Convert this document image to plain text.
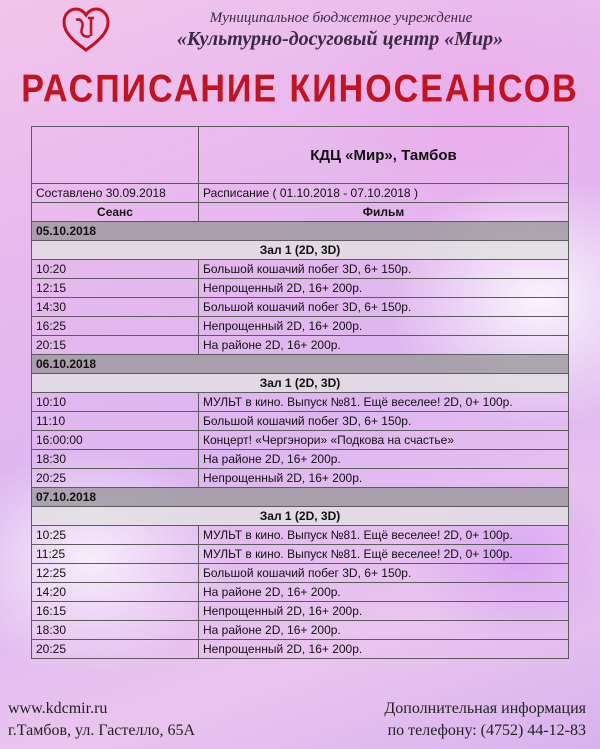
Муниципальное бюджетное учреждение
«Культурно-досуговый центр «Мир»
РАСПИСАНИЕ КИНОСЕАНСОВ
	КДЦ «Мир», Тамбов
Составлено 30.09.2018	Расписание ( 01.10.2018 - 07.10.2018 )
Сеанс	Фильм
05.10.2018	
Зал 1 (2D, 3D)	
10:20	Большой кошачий побег 3D, 6+ 150р.
12:15	Непрощенный 2D, 16+ 200р.
14:30	Большой кошачий побег 3D, 6+ 150р.
16:25	Непрощенный 2D, 16+ 200р.
20:15	На районе 2D, 16+ 200р.
06.10.2018	
Зал 1 (2D, 3D)	
10:10	МУЛЬТ в кино. Выпуск №81. Ещё веселее! 2D, 0+ 100р.
11:10	Большой кошачий побег 3D, 6+ 150р.
16:00:00	Концерт! «Чергэнори» «Подкова на счастье»
18:30	На районе 2D, 16+ 200р.
20:25	Непрощенный 2D, 16+ 200р.
07.10.2018	
Зал 1 (2D, 3D)	
10:25	МУЛЬТ в кино. Выпуск №81. Ещё веселее! 2D, 0+ 100р.
11:25	МУЛЬТ в кино. Выпуск №81. Ещё веселее! 2D, 0+ 100р.
12:25	Большой кошачий побег 3D, 6+ 150р.
14:20	На районе 2D, 16+ 200р.
16:15	Непрощенный 2D, 16+ 200р.
18:30	На районе 2D, 16+ 200р.
20:25	Непрощенный 2D, 16+ 200р.
www.kdcmir.ru
г.Тамбов, ул. Гастелло, 65А
Дополнительная информация
по телефону: (4752) 44-12-83
